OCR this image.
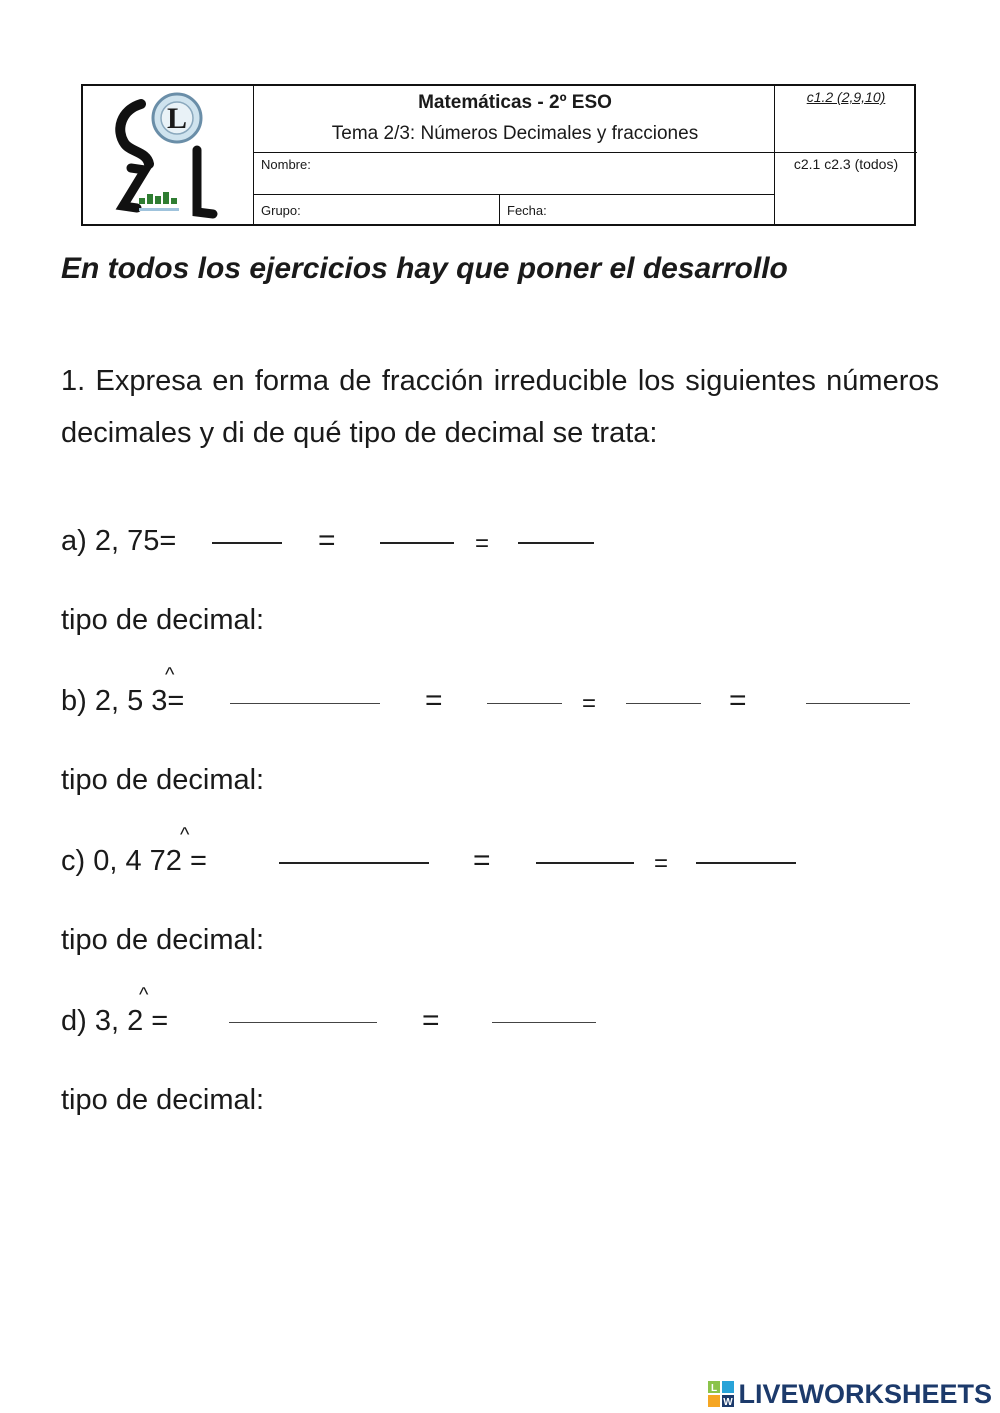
L	Matemáticas - 2º ESO
Tema 2/3: Números Decimales y fracciones
c1.2 (2,9,10)
c2.1 c2.3 (todos)
Nombre:
Grupo:	Fecha:
En todos los ejercicios hay que poner el desarrollo
1. Expresa en forma de fracción irreducible los siguientes números decimales y di de qué tipo de decimal se trata:
a) 2, 75=	=	=
tipo de decimal:
b) 2, 5 3=
^
=	=	=
tipo de decimal:
c) 0, 4 72 =
^
=	=
tipo de decimal:
d) 3, 2 =
^
=
tipo de decimal:
L
W LIVEWORKSHEETS
